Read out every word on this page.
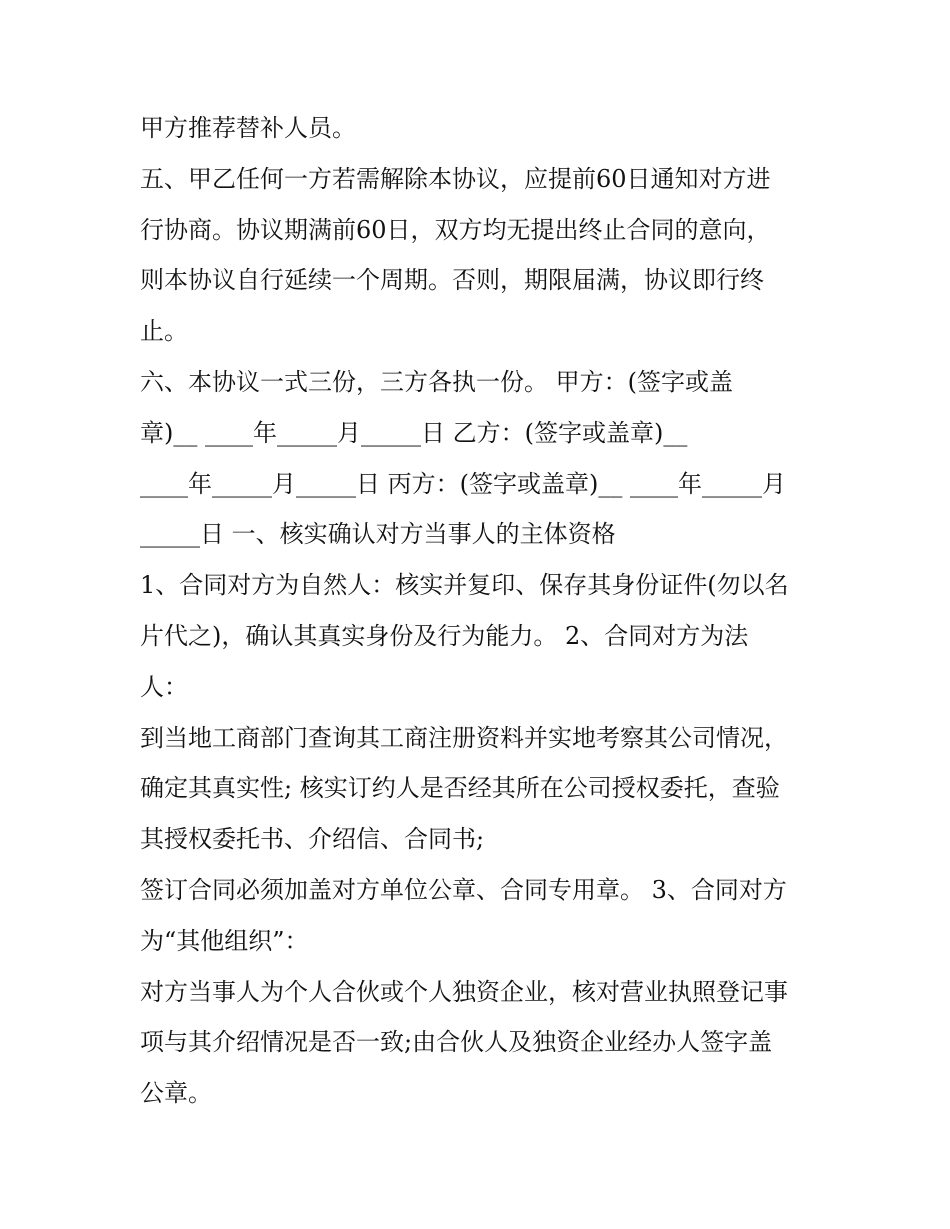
甲方推荐替补人员。
五、甲乙任何一方若需解除本协议，应提前60日通知对方进
行协商。协议期满前60日，双方均无提出终止合同的意向，
则本协议自行延续一个周期。否则，期限届满，协议即行终
止。
六、本协议一式三份，三方各执一份。 甲方：(签字或盖
章)__ ____年_____月_____日 乙方：(签字或盖章)__
____年_____月_____日 丙方：(签字或盖章)__ ____年_____月
_____日 一、核实确认对方当事人的主体资格
1、合同对方为自然人：核实并复印、保存其身份证件(勿以名
片代之)，确认其真实身份及行为能力。 2、合同对方为法
人：
到当地工商部门查询其工商注册资料并实地考察其公司情况，
确定其真实性; 核实订约人是否经其所在公司授权委托，查验
其授权委托书、介绍信、合同书;
签订合同必须加盖对方单位公章、合同专用章。 3、合同对方
为“其他组织”：
对方当事人为个人合伙或个人独资企业，核对营业执照登记事
项与其介绍情况是否一致;由合伙人及独资企业经办人签字盖
公章。
